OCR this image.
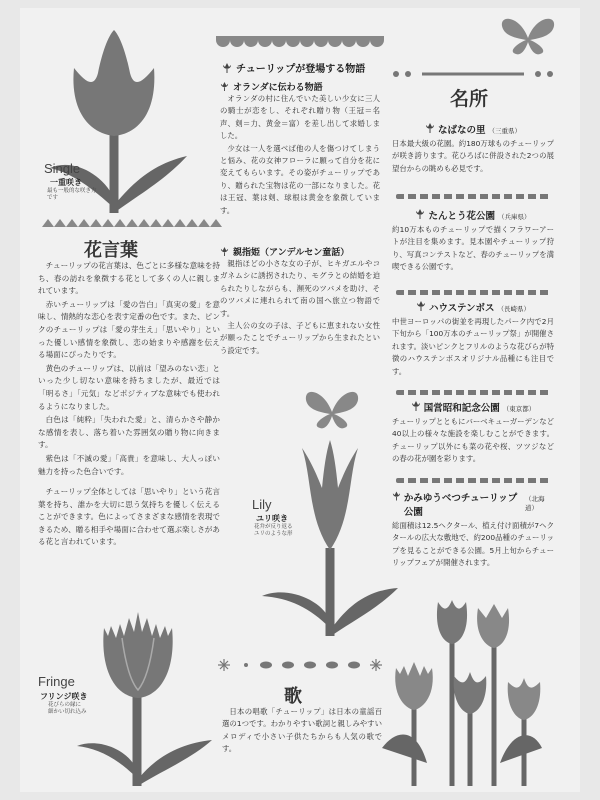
Single
一重咲き
最も一般的な咲き方です
花言葉

チューリップの花言葉は、色ごとに多様な意味を持ち、春の訪れを象徴する花として多くの人に親しまれています。

赤いチューリップは「愛の告白」「真実の愛」を意味し、情熱的な恋心を表す定番の色です。また、ピンクのチューリップは「愛の芽生え」「思いやり」といった優しい感情を象徴し、恋の始まりや感謝を伝える場面にぴったりです。

黄色のチューリップは、以前は「望みのない恋」といった少し切ない意味を持ちましたが、最近では「明るさ」「元気」などポジティブな意味でも使われるようになりました。

白色は「純粋」「失われた愛」と、清らかさや静かな感情を表し、落ち着いた雰囲気の贈り物に向きます。

紫色は「不滅の愛」「高貴」を意味し、大人っぽい魅力を持った色合いです。

チューリップ全体としては「思いやり」という花言葉を持ち、誰かを大切に思う気持ちを優しく伝えることができます。色によってさまざまな感情を表現できるため、贈る相手や場面に合わせて選ぶ楽しさがある花と言われています。

Fringe
フリンジ咲き
花びらの縁に
細かい切れ込み
チューリップが登場する物語
オランダに伝わる物語

オランダの村に住んでいた美しい少女に三人の騎士が恋をし、それぞれ贈り物（王冠＝名声、剣＝力、黄金＝富）を差し出して求婚しました。

少女は一人を選べば他の人を傷つけてしまうと悩み、花の女神フローラに願って自分を花に変えてもらいます。その姿がチューリップであり、贈られた宝物は花の一部になりました。花は王冠、葉は剣、球根は黄金を象徴しています。

親指姫（アンデルセン童話）

親指ほどの小さな女の子が、ヒキガエルやコガネムシに誘拐されたり、モグラとの結婚を迫られたりしながらも、瀕死のツバメを助け、そのツバメに連れられて南の国へ旅立つ物語です。

主人公の女の子は、子どもに恵まれない女性が願ったことでチューリップから生まれたという設定です。

Lily
ユリ咲き
花弁が反り返る
ユリのような形
歌
日本の唱歌「チューリップ」は日本の童謡百選の1つです。わかりやすい歌詞と親しみやすいメロディで小さい子供たちからも人気の歌です。
名所
なばなの里 （三重県）
日本最大級の花園。約180万球ものチューリップが咲き誇ります。花ひろばに併設された2つの展望台からの眺めも必見です。
たんとう花公園 （兵庫県）
約10万本ものチューリップで描くフラワーアートが注目を集めます。見本園やチューリップ狩り、写真コンテストなど、春のチューリップを満喫できる公園です。
ハウステンボス （長崎県）
中世ヨーロッパの街並を再現したパーク内で2月下旬から「100万本のチューリップ祭」が開催されます。淡いピンクとフリルのような花びらが特徴のハウステンボスオリジナル品種にも注目です。
国営昭和記念公園 （東京都）
チューリップとともにバーベキューガーデンなど40以上の様々な施設を楽しむことができます。チューリップ以外にも菜の花や桜、ツツジなどの春の花が園を彩ります。
かみゆうべつチューリップ公園
（北海道）
総面積は12.5ヘクタール、植え付け面積が7ヘクタールの広大な敷地で、約200品種のチューリップを見ることができる公園。5月上旬からチューリップフェアが開催されます。
